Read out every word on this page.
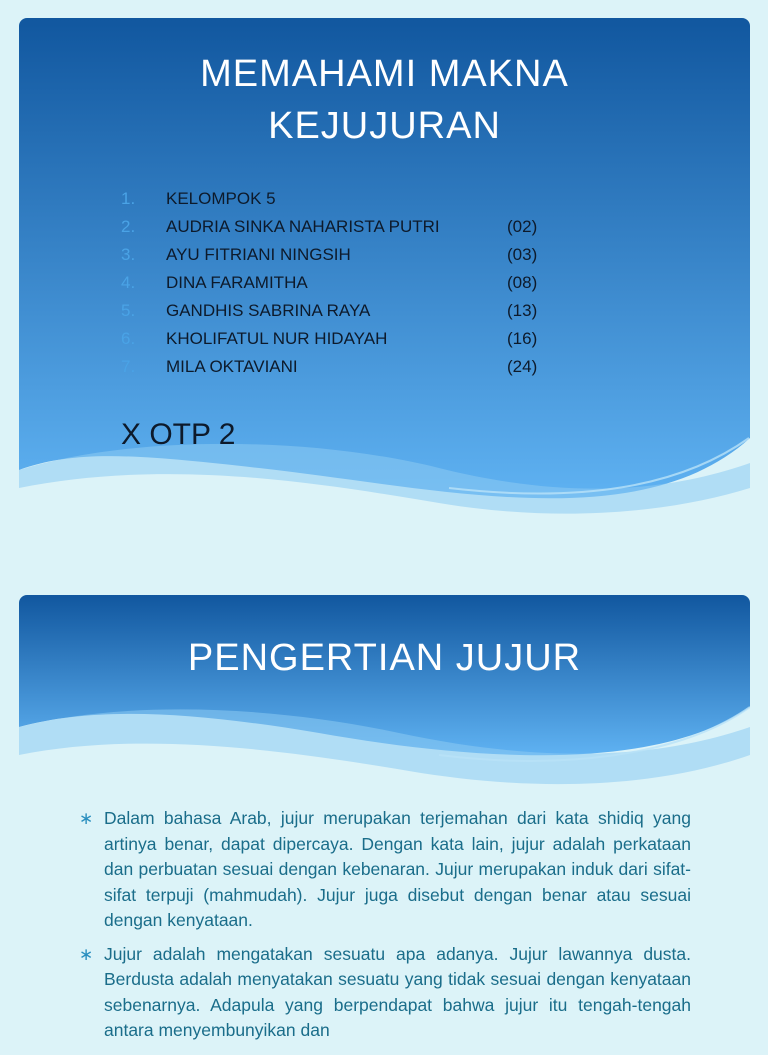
MEMAHAMI MAKNA
KEJUJURAN
1.	KELOMPOK 5
2.	AUDRIA SINKA NAHARISTA PUTRI	(02)
3.	AYU FITRIANI NINGSIH	(03)
4.	DINA FARAMITHA	(08)
5.	GANDHIS SABRINA RAYA	(13)
6.	KHOLIFATUL NUR HIDAYAH	(16)
7.	MILA OKTAVIANI	(24)
X OTP 2
PENGERTIAN JUJUR
∗ Dalam bahasa Arab, jujur merupakan terjemahan dari kata shidiq yang artinya benar, dapat dipercaya. Dengan kata lain, jujur adalah perkataan dan perbuatan sesuai dengan kebenaran. Jujur merupakan induk dari sifat-sifat terpuji (mahmudah). Jujur juga disebut dengan benar atau sesuai dengan kenyataan.
∗ Jujur adalah mengatakan sesuatu apa adanya. Jujur lawannya dusta. Berdusta adalah menyatakan sesuatu yang tidak sesuai dengan kenyataan sebenarnya. Adapula yang berpendapat bahwa jujur itu tengah-tengah antara menyembunyikan dan
